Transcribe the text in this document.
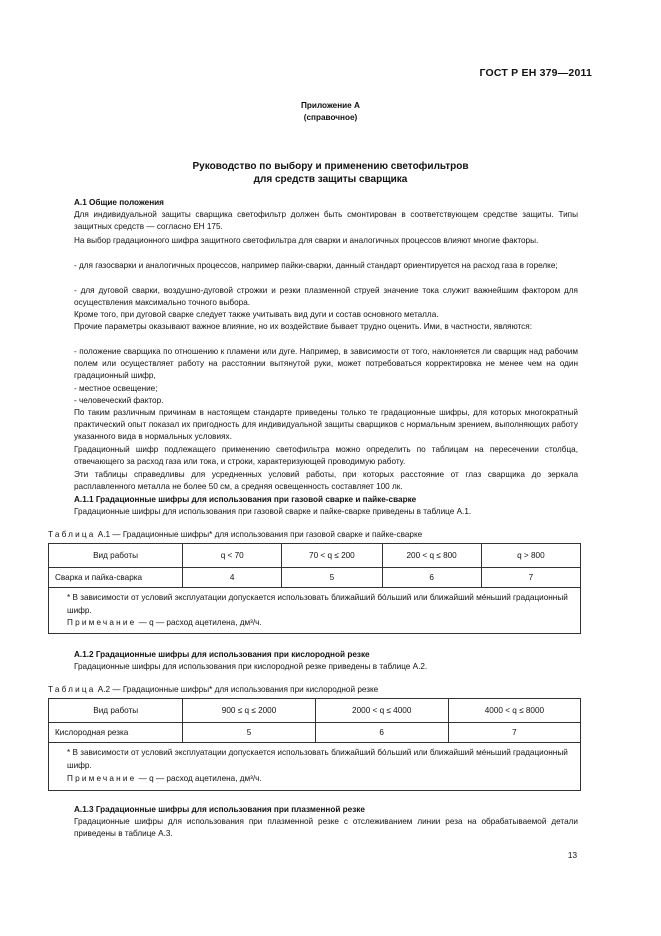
ГОСТ Р ЕН 379—2011
Приложение А
(справочное)
Руководство по выбору и применению светофильтров
для средств защиты сварщика
А.1 Общие положения
Для индивидуальной защиты сварщика светофильтр должен быть смонтирован в соответствующем средстве защиты. Типы защитных средств — согласно ЕН 175.
На выбор градационного шифра защитного светофильтра для сварки и аналогичных процессов влияют многие факторы.
- для газосварки и аналогичных процессов, например пайки-сварки, данный стандарт ориентируется на расход газа в горелке;
- для дуговой сварки, воздушно-дуговой строжки и резки плазменной струей значение тока служит важнейшим фактором для осуществления максимально точного выбора.
Кроме того, при дуговой сварке следует также учитывать вид дуги и состав основного металла.
Прочие параметры оказывают важное влияние, но их воздействие бывает трудно оценить. Ими, в частности, являются:
- положение сварщика по отношению к пламени или дуге. Например, в зависимости от того, наклоняется ли сварщик над рабочим полем или осуществляет работу на расстоянии вытянутой руки, может потребоваться корректировка не менее чем на один градационный шифр,
- местное освещение;
- человеческий фактор.
По таким различным причинам в настоящем стандарте приведены только те градационные шифры, для которых многократный практический опыт показал их пригодность для индивидуальной защиты сварщиков с нормальным зрением, выполняющих работу указанного вида в нормальных условиях.
Градационный шифр подлежащего применению светофильтра можно определить по таблицам на пересечении столбца, отвечающего за расход газа или тока, и строки, характеризующей проводимую работу.
Эти таблицы справедливы для усредненных условий работы, при которых расстояние от глаз сварщика до зеркала расплавленного металла не более 50 см, а средняя освещенность составляет 100 лк.
А.1.1 Градационные шифры для использования при газовой сварке и пайке-сварке
Градационные шифры для использования при газовой сварке и пайке-сварке приведены в таблице А.1.
Таблица А.1 — Градационные шифры* для использования при газовой сварке и пайке-сварке
Вид работы	q < 70	70 < q ≤ 200	200 < q ≤ 800	q > 800
Сварка и пайка-сварка	4	5	6	7
* В зависимости от условий эксплуатации допускается использовать ближайший бóльший или ближайший мéньший градационный шифр.
Примечание — q — расход ацетилена, дм³/ч.
А.1.2 Градационные шифры для использования при кислородной резке
Градационные шифры для использования при кислородной резке приведены в таблице А.2.
Таблица А.2 — Градационные шифры* для использования при кислородной резке
Вид работы	900 ≤ q ≤ 2000	2000 < q ≤ 4000	4000 < q ≤ 8000
Кислородная резка	5	6	7
* В зависимости от условий эксплуатации допускается использовать ближайший бóльший или ближайший мéньший градационный шифр.
Примечание — q — расход ацетилена, дм³/ч.
А.1.3 Градационные шифры для использования при плазменной резке
Градационные шифры для использования при плазменной резке с отслеживанием линии реза на обрабатываемой детали приведены в таблице А.3.
13
